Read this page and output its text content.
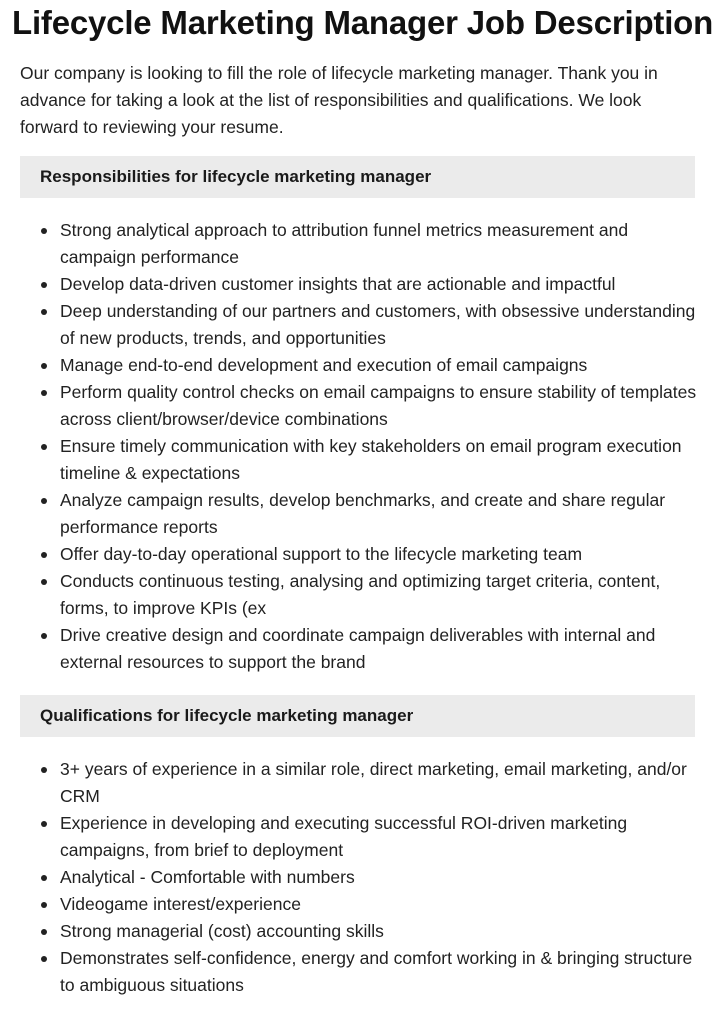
Lifecycle Marketing Manager Job Description

Our company is looking to fill the role of lifecycle marketing manager. Thank you in advance for taking a look at the list of responsibilities and qualifications. We look forward to reviewing your resume.

Responsibilities for lifecycle marketing manager
Strong analytical approach to attribution funnel metrics measurement and campaign performance
Develop data-driven customer insights that are actionable and impactful
Deep understanding of our partners and customers, with obsessive understanding of new products, trends, and opportunities
Manage end-to-end development and execution of email campaigns
Perform quality control checks on email campaigns to ensure stability of templates across client/browser/device combinations
Ensure timely communication with key stakeholders on email program execution timeline & expectations
Analyze campaign results, develop benchmarks, and create and share regular performance reports
Offer day-to-day operational support to the lifecycle marketing team
Conducts continuous testing, analysing and optimizing target criteria, content, forms, to improve KPIs (ex
Drive creative design and coordinate campaign deliverables with internal and external resources to support the brand
Qualifications for lifecycle marketing manager
3+ years of experience in a similar role, direct marketing, email marketing, and/or CRM
Experience in developing and executing successful ROI-driven marketing campaigns, from brief to deployment
Analytical - Comfortable with numbers
Videogame interest/experience
Strong managerial (cost) accounting skills
Demonstrates self-confidence, energy and comfort working in & bringing structure to ambiguous situations
